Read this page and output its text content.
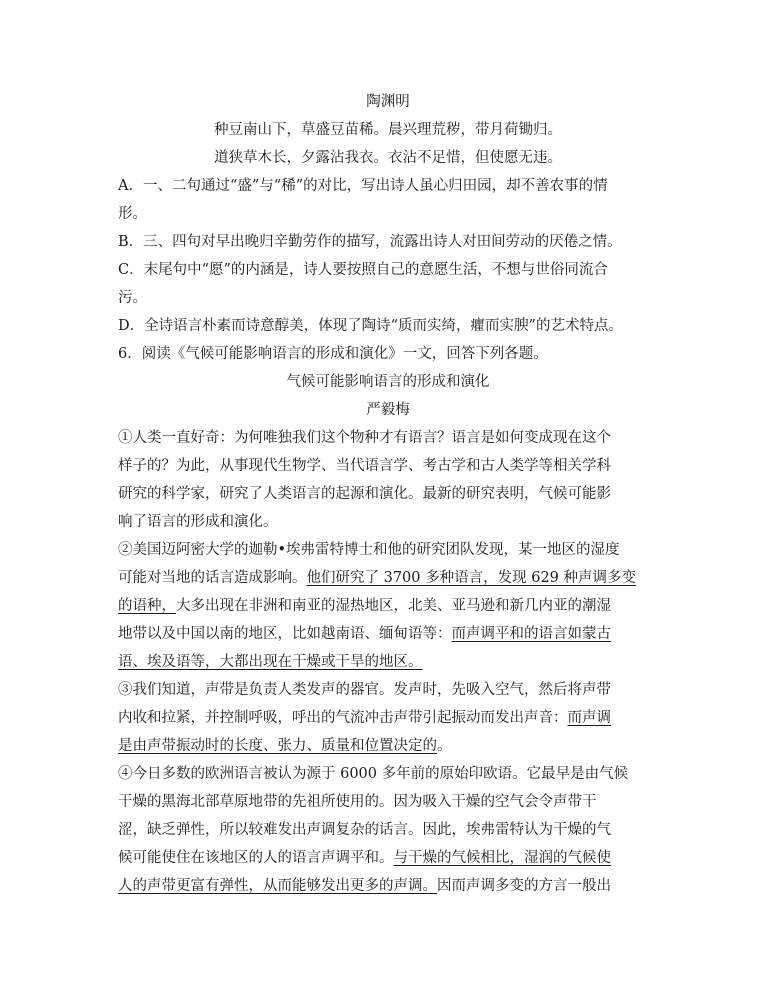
陶渊明
种豆南山下，草盛豆苗稀。晨兴理荒秽，带月荷锄归。
道狭草木长，夕露沾我衣。衣沾不足惜，但使愿无违。
A．一、二句通过“盛”与“稀”的对比，写出诗人虽心归田园，却不善农事的情
形。
B．三、四句对早出晚归辛勤劳作的描写，流露出诗人对田间劳动的厌倦之情。
C．末尾句中“愿”的内涵是，诗人要按照自己的意愿生活，不想与世俗同流合
污。
D．全诗语言朴素而诗意醇美，体现了陶诗“质而实绮，癯而实腴”的艺术特点。
6．阅读《气候可能影响语言的形成和演化》一文，回答下列各题。
气候可能影响语言的形成和演化
严毅梅
①人类一直好奇：为何唯独我们这个物种才有语言？语言是如何变成现在这个
样子的？为此，从事现代生物学、当代语言学、考古学和古人类学等相关学科
研究的科学家，研究了人类语言的起源和演化。最新的研究表明，气候可能影
响了语言的形成和演化。
②美国迈阿密大学的迦勒•埃弗雷特博士和他的研究团队发现，某一地区的湿度
可能对当地的话言造成影响。他们研究了 3700 多种语言，发现 629 种声调多变
的语种，大多出现在非洲和南亚的湿热地区，北美、亚马逊和新几内亚的潮湿
地带以及中国以南的地区，比如越南语、缅甸语等：而声调平和的语言如蒙古
语、埃及语等，大都出现在干燥或干旱的地区。
③我们知道，声带是负责人类发声的器官。发声时，先吸入空气，然后将声带
内收和拉紧，并控制呼吸，呼出的气流冲击声带引起振动而发出声音：而声调
是由声带振动时的长度、张力、质量和位置决定的。
④今日多数的欧洲语言被认为源于 6000 多年前的原始印欧语。它最早是由气候
干燥的黑海北部草原地带的先祖所使用的。因为吸入干燥的空气会令声带干
涩，缺乏弹性，所以较难发出声调复杂的话言。因此，埃弗雷特认为干燥的气
候可能使住在该地区的人的语言声调平和。与干燥的气候相比，湿润的气候使
人的声带更富有弹性，从而能够发出更多的声调。因而声调多变的方言一般出
